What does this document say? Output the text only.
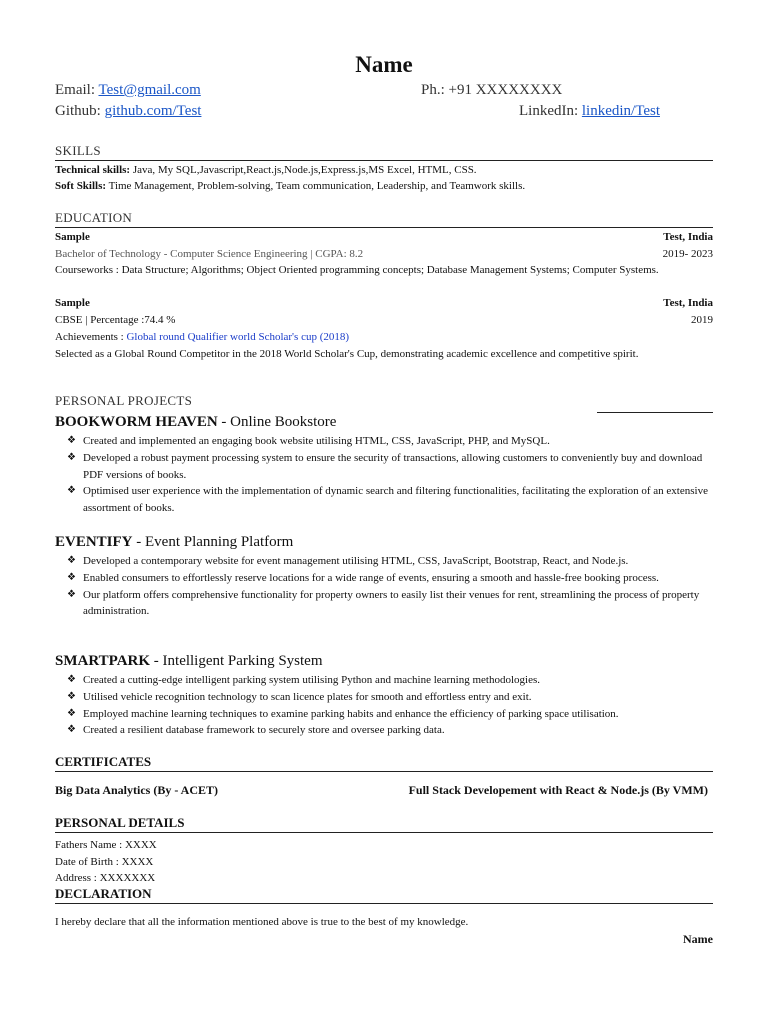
Name
Email: Test@gmail.com	Ph.: +91 XXXXXXXX
Github: github.com/Test	LinkedIn: linkedin/Test
SKILLS
Technical skills: Java, My SQL,Javascript,React.js,Node.js,Express.js,MS Excel, HTML, CSS.
Soft Skills: Time Management, Problem-solving, Team communication, Leadership, and Teamwork skills.
EDUCATION
Sample	Test, India
Bachelor of Technology - Computer Science Engineering | CGPA: 8.2	2019- 2023
Courseworks : Data Structure; Algorithms; Object Oriented programming concepts; Database Management Systems; Computer Systems.
Sample	Test, India
CBSE | Percentage :74.4 %	2019
Achievements : Global round Qualifier world Scholar's cup (2018)
Selected as a Global Round Competitor in the 2018 World Scholar's Cup, demonstrating academic excellence and competitive spirit.
PERSONAL PROJECTS
BOOKWORM HEAVEN - Online Bookstore
❖ Created and implemented an engaging book website utilising HTML, CSS, JavaScript, PHP, and MySQL.
❖ Developed a robust payment processing system to ensure the security of transactions, allowing customers to conveniently buy and download PDF versions of books.
❖ Optimised user experience with the implementation of dynamic search and filtering functionalities, facilitating the exploration of an extensive assortment of books.
EVENTIFY - Event Planning Platform
❖ Developed a contemporary website for event management utilising HTML, CSS, JavaScript, Bootstrap, React, and Node.js.
❖ Enabled consumers to effortlessly reserve locations for a wide range of events, ensuring a smooth and hassle-free booking process.
❖ Our platform offers comprehensive functionality for property owners to easily list their venues for rent, streamlining the process of property administration.
SMARTPARK - Intelligent Parking System
❖ Created a cutting-edge intelligent parking system utilising Python and machine learning methodologies.
❖ Utilised vehicle recognition technology to scan licence plates for smooth and effortless entry and exit.
❖ Employed machine learning techniques to examine parking habits and enhance the efficiency of parking space utilisation.
❖ Created a resilient database framework to securely store and oversee parking data.
CERTIFICATES
Big Data Analytics (By - ACET)	Full Stack Developement with React & Node.js (By VMM)
PERSONAL DETAILS
Fathers Name : XXXX
Date of Birth : XXXX
Address : XXXXXXX
DECLARATION
I hereby declare that all the information mentioned above is true to the best of my knowledge.
Name
